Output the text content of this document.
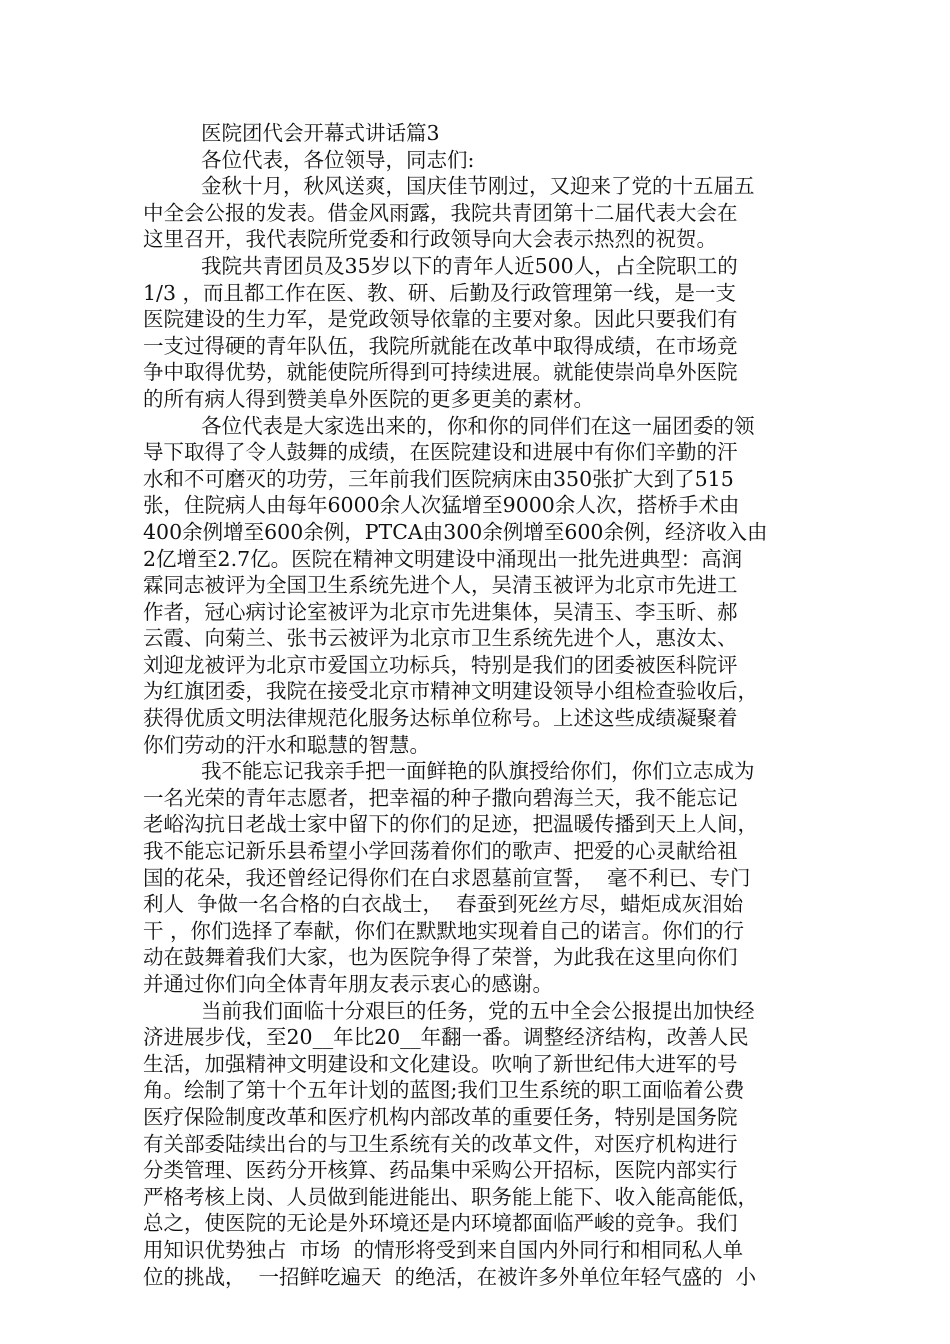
医院团代会开幕式讲话篇3
各位代表，各位领导，同志们:
金秋十月，秋风送爽，国庆佳节刚过，又迎来了党的十五届五
中全会公报的发表。借金风雨露，我院共青团第十二届代表大会在
这里召开，我代表院所党委和行政领导向大会表示热烈的祝贺。
我院共青团员及35岁以下的青年人近500人，占全院职工的
1/3 ，而且都工作在医、教、研、后勤及行政管理第一线，是一支
医院建设的生力军，是党政领导依靠的主要对象。因此只要我们有
一支过得硬的青年队伍，我院所就能在改革中取得成绩，在市场竞
争中取得优势，就能使院所得到可持续进展。就能使崇尚阜外医院
的所有病人得到赞美阜外医院的更多更美的素材。
各位代表是大家选出来的，你和你的同伴们在这一届团委的领
导下取得了令人鼓舞的成绩，在医院建设和进展中有你们辛勤的汗
水和不可磨灭的功劳，三年前我们医院病床由350张扩大到了515
张，住院病人由每年6000余人次猛增至9000余人次，搭桥手术由
400余例增至600余例，PTCA由300余例增至600余例，经济收入由
2亿增至2.7亿。医院在精神文明建设中涌现出一批先进典型：高润
霖同志被评为全国卫生系统先进个人，吴清玉被评为北京市先进工
作者，冠心病讨论室被评为北京市先进集体，吴清玉、李玉昕、郝
云霞、向菊兰、张书云被评为北京市卫生系统先进个人，惠汝太、
刘迎龙被评为北京市爱国立功标兵，特别是我们的团委被医科院评
为红旗团委，我院在接受北京市精神文明建设领导小组检查验收后，
获得优质文明法律规范化服务达标单位称号。上述这些成绩凝聚着
你们劳动的汗水和聪慧的智慧。
我不能忘记我亲手把一面鲜艳的队旗授给你们，你们立志成为
一名光荣的青年志愿者，把幸福的种子撒向碧海兰天，我不能忘记
老峪沟抗日老战士家中留下的你们的足迹，把温暖传播到天上人间，
我不能忘记新乐县希望小学回荡着你们的歌声、把爱的心灵献给祖
国的花朵，我还曾经记得你们在白求恩墓前宣誓，  毫不利已、专门
利人  争做一名合格的白衣战士，  春蚕到死丝方尽，蜡炬成灰泪始
干 ，你们选择了奉献，你们在默默地实现着自己的诺言。你们的行
动在鼓舞着我们大家，也为医院争得了荣誉，为此我在这里向你们
并通过你们向全体青年朋友表示衷心的感谢。
当前我们面临十分艰巨的任务，党的五中全会公报提出加快经
济进展步伐，至20__年比20__年翻一番。调整经济结构，改善人民
生活，加强精神文明建设和文化建设。吹响了新世纪伟大进军的号
角。绘制了第十个五年计划的蓝图;我们卫生系统的职工面临着公费
医疗保险制度改革和医疗机构内部改革的重要任务，特别是国务院
有关部委陆续出台的与卫生系统有关的改革文件，对医疗机构进行
分类管理、医药分开核算、药品集中采购公开招标，医院内部实行
严格考核上岗、人员做到能进能出、职务能上能下、收入能高能低，
总之，使医院的无论是外环境还是内环境都面临严峻的竞争。我们
用知识优势独占  市场  的情形将受到来自国内外同行和相同私人单
位的挑战，  一招鲜吃遍天  的绝活，在被许多外单位年轻气盛的  小
